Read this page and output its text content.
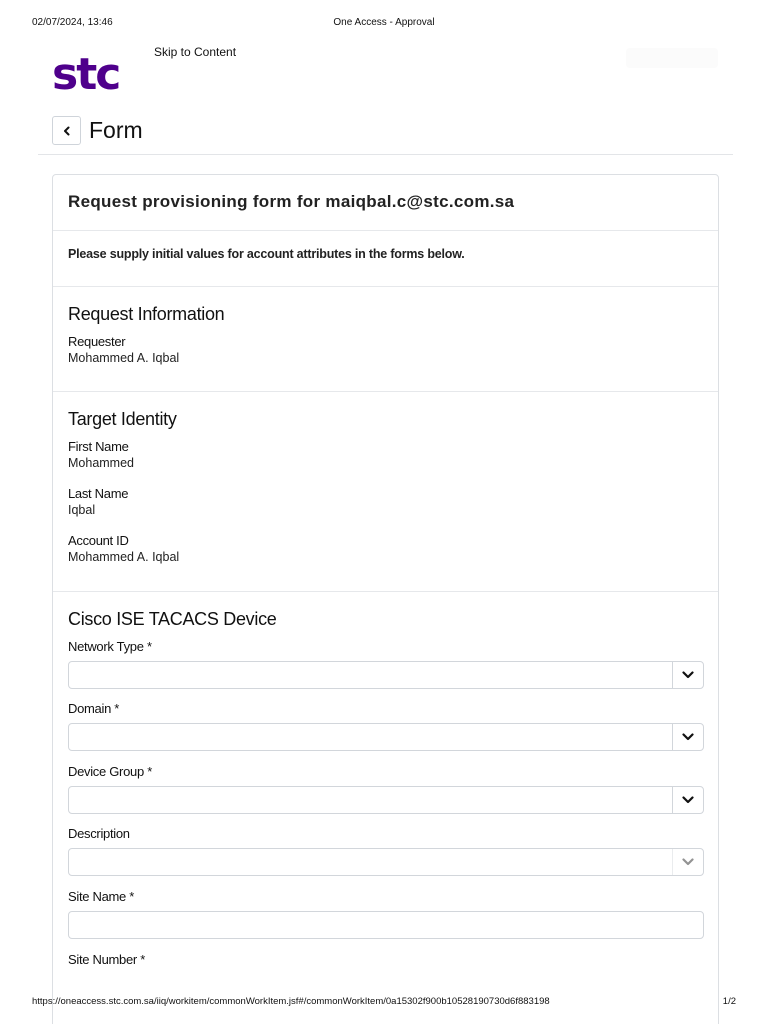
02/07/2024, 13:46	One Access - Approval
stc	Skip to Content
Form
Request provisioning form for maiqbal.c@stc.com.sa
Please supply initial values for account attributes in the forms below.
Request Information
Requester
Mohammed A. Iqbal
Target Identity
First Name
Mohammed
Last Name
Iqbal
Account ID
Mohammed A. Iqbal
Cisco ISE TACACS Device
Network Type *
Domain *
Device Group *
Description
Site Name *
Site Number *
https://oneaccess.stc.com.sa/iiq/workitem/commonWorkItem.jsf#/commonWorkItem/0a15302f900b10528190730d6f883198	1/2
